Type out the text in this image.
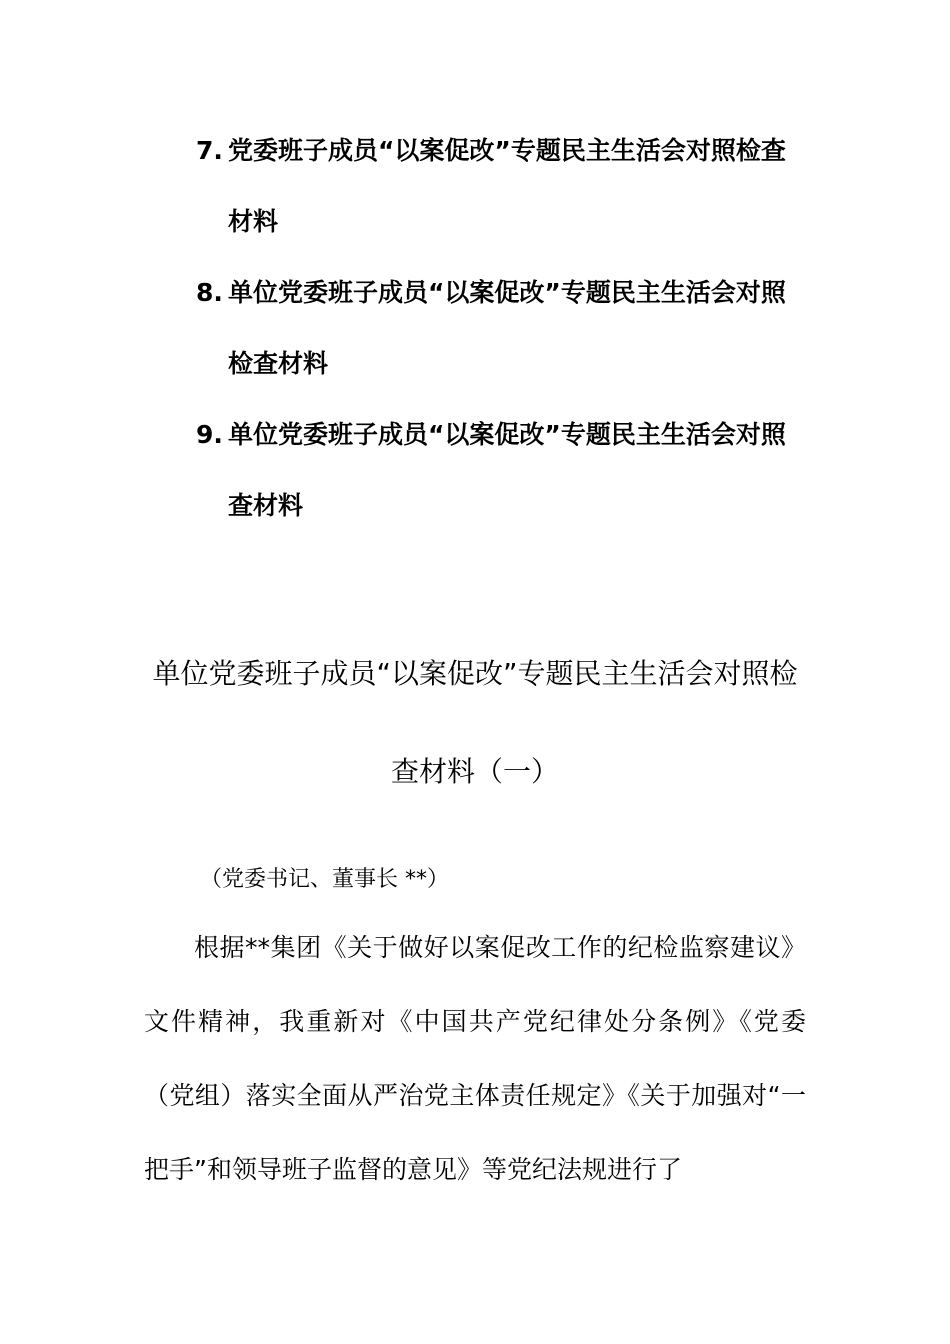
7. 党委班子成员“以案促改”专题民主生活会对照检查材料
8. 单位党委班子成员“以案促改”专题民主生活会对照检查材料
9. 单位党委班子成员“以案促改”专题民主生活会对照查材料
单位党委班子成员“以案促改”专题民主生活会对照检查材料（一）
（党委书记、董事长 **）
根据**集团《关于做好以案促改工作的纪检监察建议》文件精神，我重新对《中国共产党纪律处分条例》《党委（党组）落实全面从严治党主体责任规定》《关于加强对“一把手”和领导班子监督的意见》等党纪法规进行了
